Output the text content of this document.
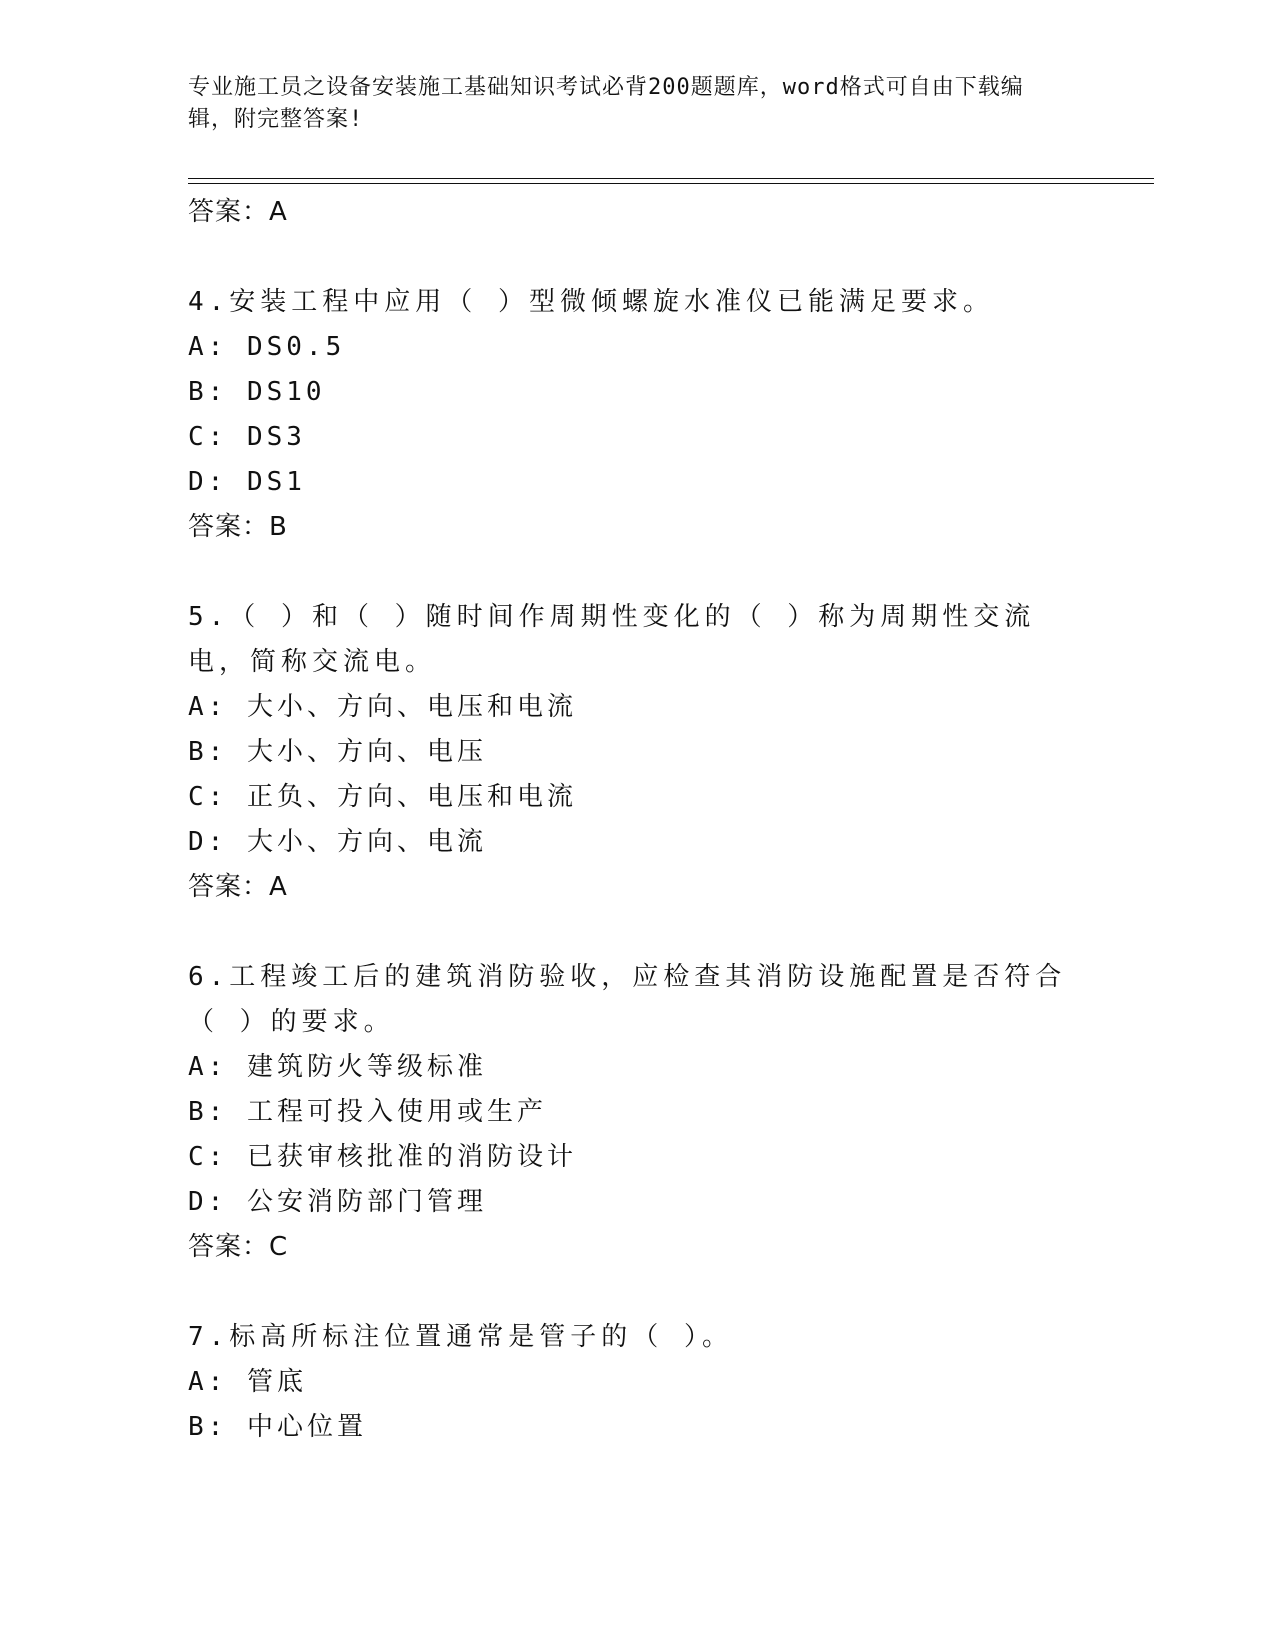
专业施工员之设备安装施工基础知识考试必背200题题库，word格式可自由下载编辑，附完整答案!
答案：A
4.安装工程中应用（ ）型微倾螺旋水准仪已能满足要求。
A: DS0.5
B: DS10
C: DS3
D: DS1
答案：B
5.（ ）和（ ）随时间作周期性变化的（ ）称为周期性交流电，简称交流电。
A: 大小、方向、电压和电流
B: 大小、方向、电压
C: 正负、方向、电压和电流
D: 大小、方向、电流
答案：A
6.工程竣工后的建筑消防验收，应检查其消防设施配置是否符合（ ）的要求。
A: 建筑防火等级标准
B: 工程可投入使用或生产
C: 已获审核批准的消防设计
D: 公安消防部门管理
答案：C
7.标高所标注位置通常是管子的（ ）。
A: 管底
B: 中心位置
